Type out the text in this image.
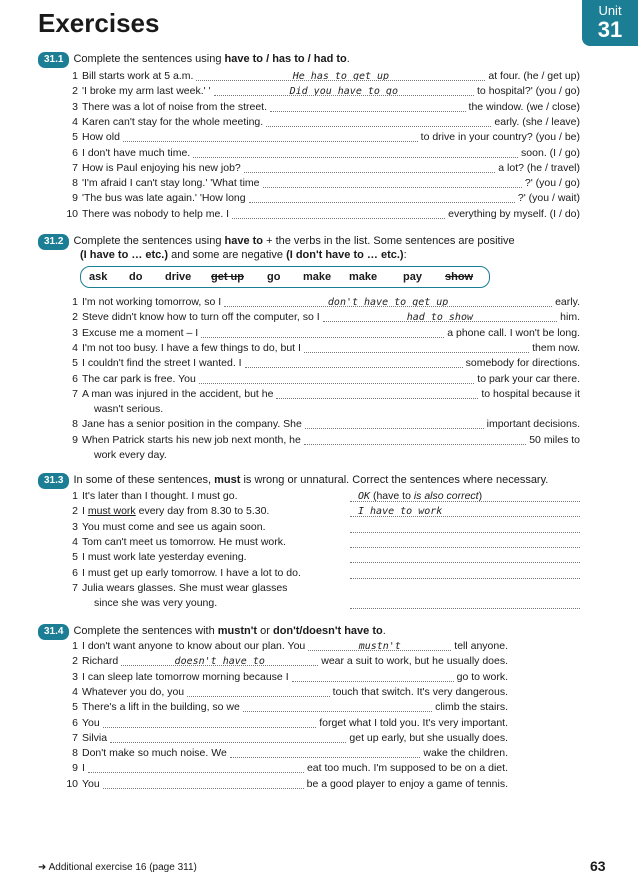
Exercises	Unit
31
31.1 Complete the sentences using have to / has to / had to.
1 Bill starts work at 5 a.m.	He has to get up	at four. (he / get up)
2 'I broke my arm last week.' '	Did you have to go	to hospital?' (you / go)
3 There was a lot of noise from the street.	the window. (we / close)
4 Karen can't stay for the whole meeting.	early. (she / leave)
5 How old	to drive in your country? (you / be)
6 I don't have much time.	soon. (I / go)
7 How is Paul enjoying his new job?	a lot? (he / travel)
8 'I'm afraid I can't stay long.' 'What time	?' (you / go)
9 'The bus was late again.' 'How long	?' (you / wait)
10 There was nobody to help me. I	everything by myself. (I / do)
31.2 Complete the sentences using have to + the verbs in the list. Some sentences are positive
(I have to … etc.) and some are negative (I don't have to … etc.):
ask do drive get up go make make pay show
1 I'm not working tomorrow, so I	don't have to get up	early.
2 Steve didn't know how to turn off the computer, so I	had to show	him.
3 Excuse me a moment – I	a phone call. I won't be long.
4 I'm not too busy. I have a few things to do, but I	them now.
5 I couldn't find the street I wanted. I	somebody for directions.
6 The car park is free. You	to park your car there.
7 A man was injured in the accident, but he	to hospital because it
wasn't serious.
8 Jane has a senior position in the company. She	important decisions.
9 When Patrick starts his new job next month, he	50 miles to
work every day.
31.3 In some of these sentences, must is wrong or unnatural. Correct the sentences where necessary.
1 It's later than I thought. I must go.	OK (have to is also correct)
2 I must work every day from 8.30 to 5.30.	I have to work
3 You must come and see us again soon.
4 Tom can't meet us tomorrow. He must work.
5 I must work late yesterday evening.
6 I must get up early tomorrow. I have a lot to do.
7 Julia wears glasses. She must wear glasses
since she was very young.
31.4 Complete the sentences with mustn't or don't/doesn't have to.
1 I don't want anyone to know about our plan. You	mustn't	tell anyone.
2 Richard	doesn't have to	wear a suit to work, but he usually does.
3 I can sleep late tomorrow morning because I	go to work.
4 Whatever you do, you	touch that switch. It's very dangerous.
5 There's a lift in the building, so we	climb the stairs.
6 You	forget what I told you. It's very important.
7 Silvia	get up early, but she usually does.
8 Don't make so much noise. We	wake the children.
9 I	eat too much. I'm supposed to be on a diet.
10 You	be a good player to enjoy a game of tennis.
➜ Additional exercise 16 (page 311)	63
